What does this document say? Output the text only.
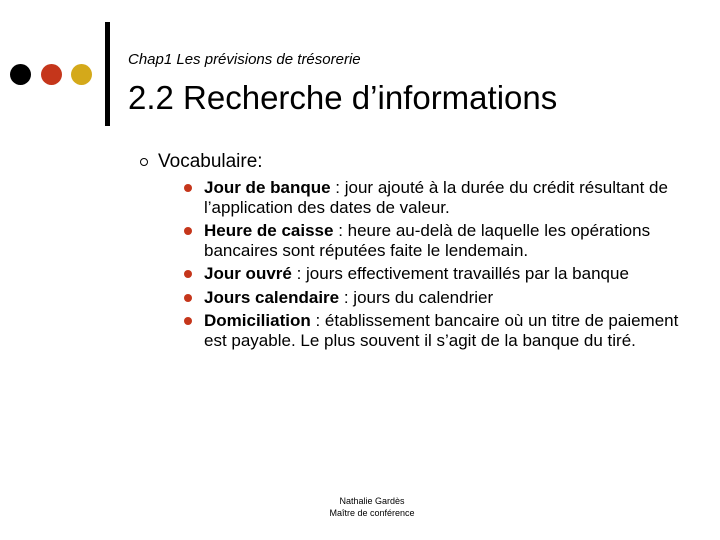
Chap1 Les prévisions de trésorerie
2.2 Recherche d’informations
Vocabulaire:
Jour de banque : jour ajouté à la durée du crédit résultant de l’application des dates de valeur.
Heure de caisse : heure au-delà de laquelle les opérations bancaires sont réputées faite le lendemain.
Jour ouvré : jours effectivement travaillés par la banque
Jours calendaire : jours du calendrier
Domiciliation : établissement bancaire où un titre de paiement est payable. Le plus souvent il s’agit de la banque du tiré.
Nathalie Gardès
Maître de conférence
